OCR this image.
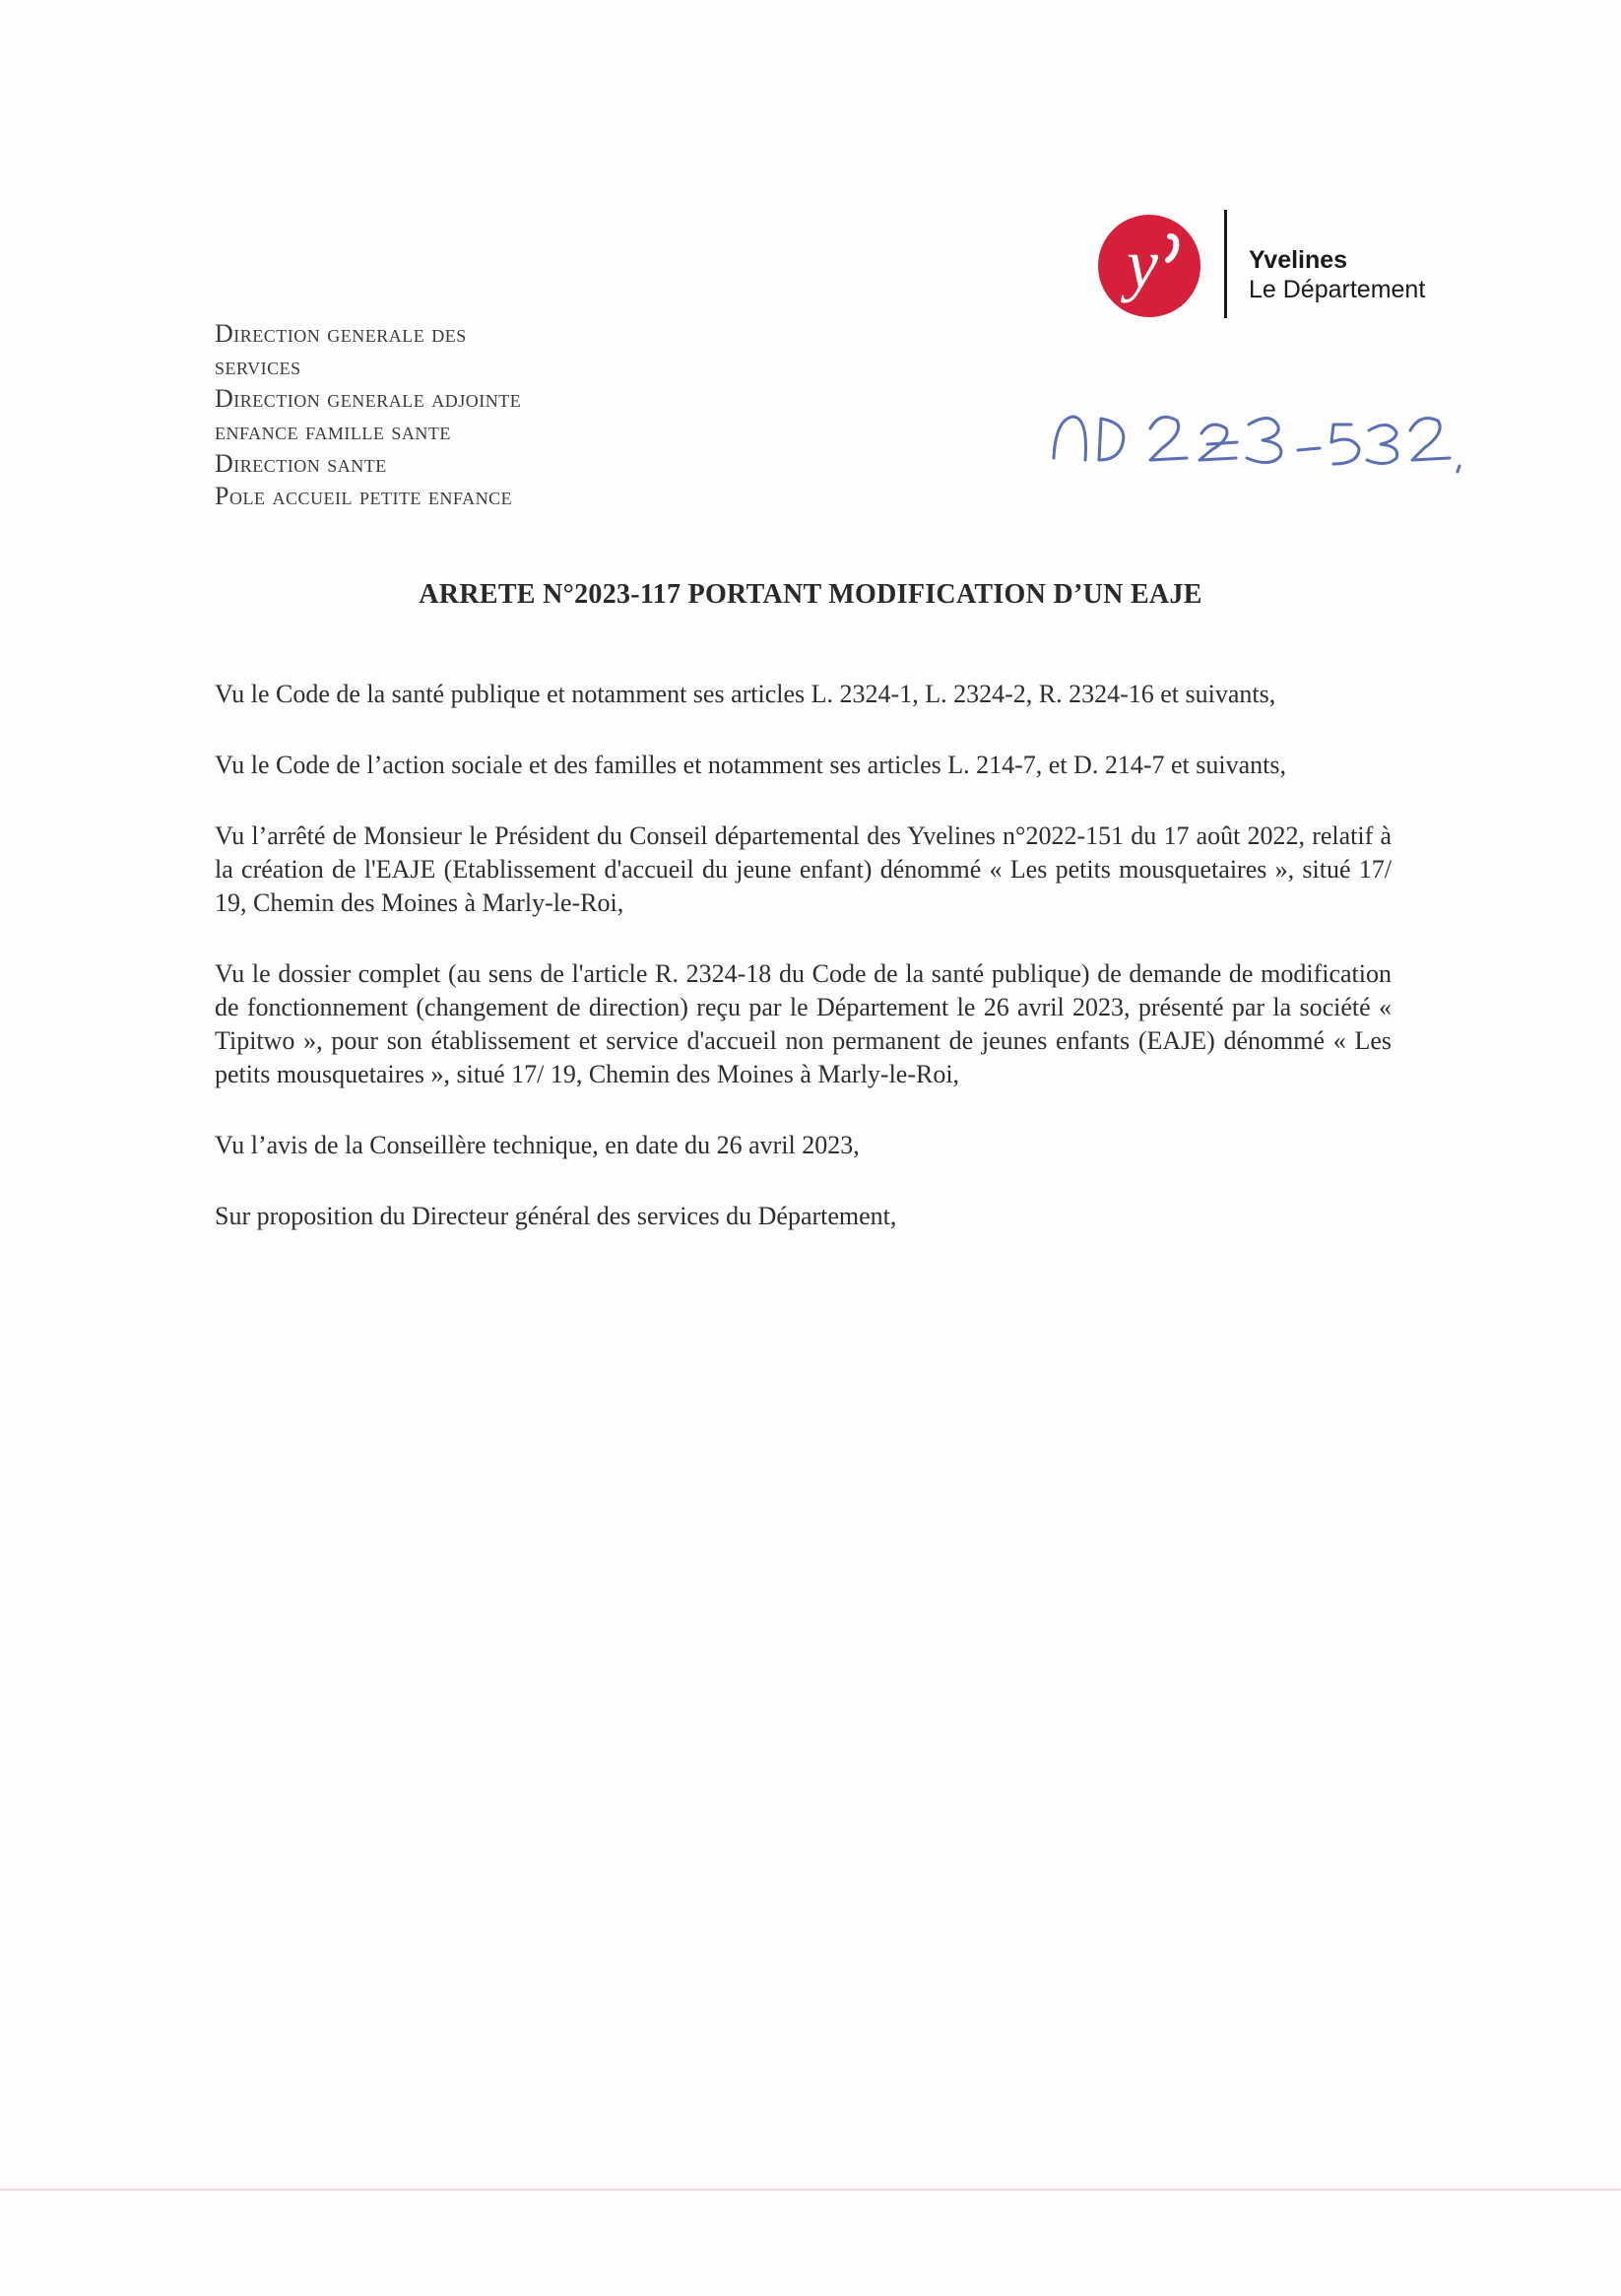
y	Yvelines
Le Département
Direction generale des
services
Direction generale adjointe
enfance famille sante
Direction sante
Pole accueil petite enfance
ARRETE N°2023-117 PORTANT MODIFICATION D’UN EAJE

Vu le Code de la santé publique et notamment ses articles L. 2324-1, L. 2324-2, R. 2324-16 et suivants,

Vu le Code de l’action sociale et des familles et notamment ses articles L. 214-7, et D. 214-7 et suivants,

Vu l’arrêté de Monsieur le Président du Conseil départemental des Yvelines n°2022-151 du 17 août 2022, relatif à la création de l'EAJE (Etablissement d'accueil du jeune enfant) dénommé « Les petits mousquetaires », situé 17/ 19, Chemin des Moines à Marly-le-Roi,

Vu le dossier complet (au sens de l'article R. 2324-18 du Code de la santé publique) de demande de modification de fonctionnement (changement de direction) reçu par le Département le 26 avril 2023, présenté par la société « Tipitwo », pour son établissement et service d'accueil non permanent de jeunes enfants (EAJE) dénommé « Les petits mousquetaires », situé 17/ 19, Chemin des Moines à Marly-le-Roi,

Vu l’avis de la Conseillère technique, en date du 26 avril 2023,

Sur proposition du Directeur général des services du Département,
